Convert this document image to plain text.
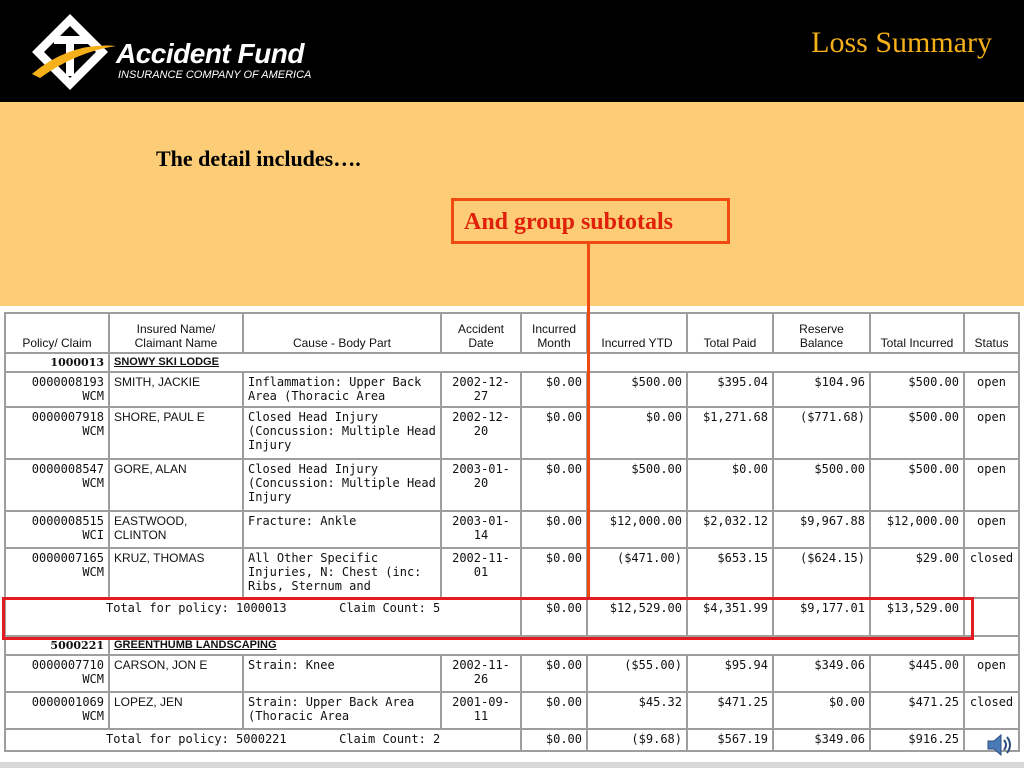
Accident Fund
INSURANCE COMPANY OF AMERICA
Loss Summary
The detail includes….
And group subtotals
Policy/ Claim	Insured Name/ Claimant Name	Cause - Body Part	Accident Date	Incurred Month	Incurred YTD	Total Paid	Reserve Balance	Total Incurred	Status
1000013	SNOWY SKI LODGE								
0000008193 WCM	SMITH, JACKIE	Inflammation: Upper Back Area (Thoracic Area	2002-12-27	$0.00	$500.00	$395.04	$104.96	$500.00	open
0000007918 WCM	SHORE, PAUL E	Closed Head Injury (Concussion: Multiple Head Injury	2002-12-20	$0.00	$0.00	$1,271.68	($771.68)	$500.00	open
0000008547 WCM	GORE, ALAN	Closed Head Injury (Concussion: Multiple Head Injury	2003-01-20	$0.00	$500.00	$0.00	$500.00	$500.00	open
0000008515 WCI	EASTWOOD, CLINTON	Fracture: Ankle	2003-01-14	$0.00	$12,000.00	$2,032.12	$9,967.88	$12,000.00	open
0000007165 WCM	KRUZ, THOMAS	All Other Specific Injuries, N: Chest (inc: Ribs, Sternum and	2002-11-01	$0.00	($471.00)	$653.15	($624.15)	$29.00	closed
Total for policy: 1000013 Claim Count: 5				$0.00	$12,529.00	$4,351.99	$9,177.01	$13,529.00	
5000221	GREENTHUMB LANDSCAPING								
0000007710 WCM	CARSON, JON E	Strain: Knee	2002-11-26	$0.00	($55.00)	$95.94	$349.06	$445.00	open
0000001069 WCM	LOPEZ, JEN	Strain: Upper Back Area (Thoracic Area	2001-09-11	$0.00	$45.32	$471.25	$0.00	$471.25	closed
Total for policy: 5000221 Claim Count: 2				$0.00	($9.68)	$567.19	$349.06	$916.25	
